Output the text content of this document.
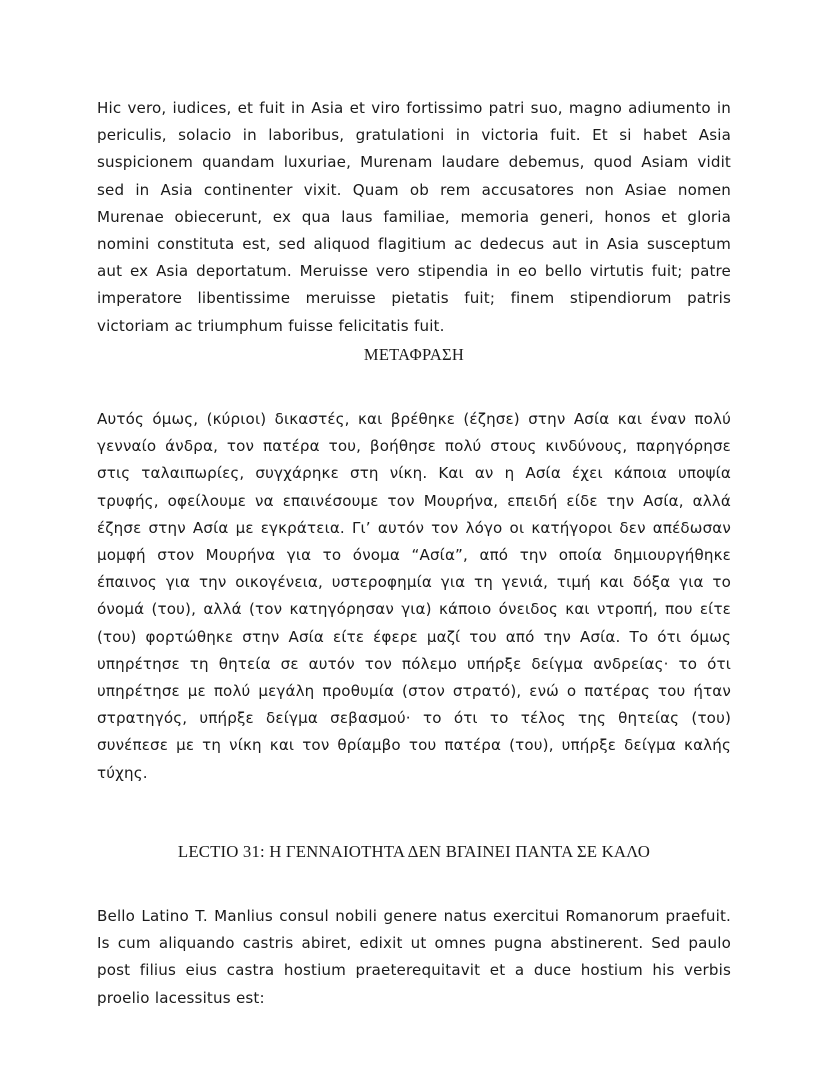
Hic vero, iudices, et fuit in Asia et viro fortissimo patri suo, magno adiumento in periculis, solacio in laboribus, gratulationi in victoria fuit. Et si habet Asia suspicionem quandam luxuriae, Murenam laudare debemus, quod Asiam vidit sed in Asia continenter vixit. Quam ob rem accusatores non Asiae nomen Murenae obiecerunt, ex qua laus familiae, memoria generi, honos et gloria nomini constituta est, sed aliquod flagitium ac dedecus aut in Asia susceptum aut ex Asia deportatum. Meruisse vero stipendia in eo bello virtutis fuit; patre imperatore libentissime meruisse pietatis fuit; finem stipendiorum patris victoriam ac triumphum fuisse felicitatis fuit.

ΜΕΤΑΦΡΑΣΗ

Αυτός όμως, (κύριοι) δικαστές, και βρέθηκε (έζησε) στην Ασία και έναν πολύ γενναίο άνδρα, τον πατέρα του, βοήθησε πολύ στους κινδύνους, παρηγόρησε στις ταλαιπωρίες, συγχάρηκε στη νίκη. Και αν η Ασία έχει κάποια υποψία τρυφής, οφείλουμε να επαινέσουμε τον Μουρήνα, επειδή είδε την Ασία, αλλά έζησε στην Ασία με εγκράτεια. Γι’ αυτόν τον λόγο οι κατήγοροι δεν απέδωσαν μομφή στον Μουρήνα για το όνομα “Ασία”, από την οποία δημιουργήθηκε έπαινος για την οικογένεια, υστεροφημία για τη γενιά, τιμή και δόξα για το όνομά (του), αλλά (τον κατηγόρησαν για) κάποιο όνειδος και ντροπή, που είτε (του) φορτώθηκε στην Ασία είτε έφερε μαζί του από την Ασία. Το ότι όμως υπηρέτησε τη θητεία σε αυτόν τον πόλεμο υπήρξε δείγμα ανδρείας· το ότι υπηρέτησε με πολύ μεγάλη προθυμία (στον στρατό), ενώ ο πατέρας του ήταν στρατηγός, υπήρξε δείγμα σεβασμού· το ότι το τέλος της θητείας (του) συνέπεσε με τη νίκη και τον θρίαμβο του πατέρα (του), υπήρξε δείγμα καλής τύχης.

LECTIO 31: Η ΓΕΝΝΑΙΟΤΗΤΑ ΔΕΝ ΒΓΑΙΝΕΙ ΠΑΝΤΑ ΣΕ ΚΑΛΟ

Bello Latino T. Manlius consul nobili genere natus exercitui Romanorum praefuit. Is cum aliquando castris abiret, edixit ut omnes pugna abstinerent. Sed paulo post filius eius castra hostium praeterequitavit et a duce hostium his verbis proelio lacessitus est:
